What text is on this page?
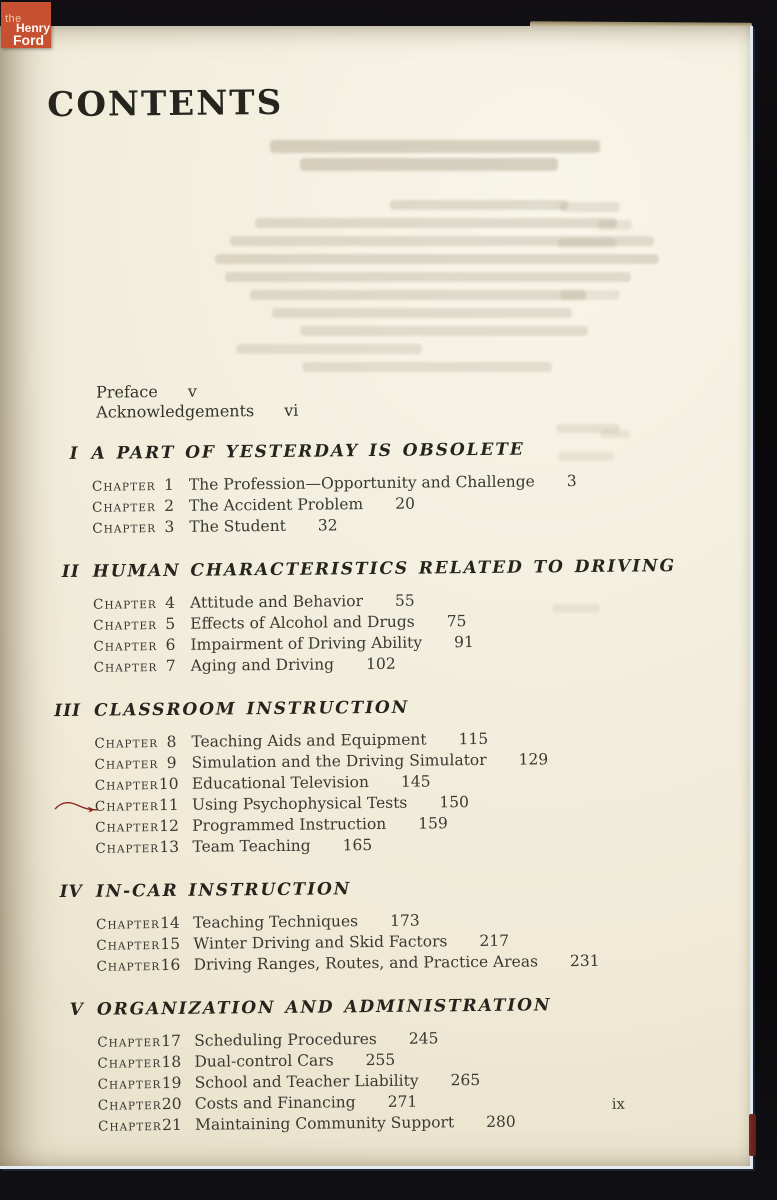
CONTENTS
Preface v
Acknowledgements vi
I A PART OF YESTERDAY IS OBSOLETE
CHAPTER 1 The Profession—Opportunity and Challenge 3
CHAPTER 2 The Accident Problem 20
CHAPTER 3 The Student 32
II HUMAN CHARACTERISTICS RELATED TO DRIVING
CHAPTER 4 Attitude and Behavior 55
CHAPTER 5 Effects of Alcohol and Drugs 75
CHAPTER 6 Impairment of Driving Ability 91
CHAPTER 7 Aging and Driving 102
III CLASSROOM INSTRUCTION
CHAPTER 8 Teaching Aids and Equipment 115
CHAPTER 9 Simulation and the Driving Simulator 129
CHAPTER 10 Educational Television 145
CHAPTER 11 Using Psychophysical Tests 150
CHAPTER 12 Programmed Instruction 159
CHAPTER 13 Team Teaching 165
IV IN-CAR INSTRUCTION
CHAPTER 14 Teaching Techniques 173
CHAPTER 15 Winter Driving and Skid Factors 217
CHAPTER 16 Driving Ranges, Routes, and Practice Areas 231
V ORGANIZATION AND ADMINISTRATION
CHAPTER 17 Scheduling Procedures 245
CHAPTER 18 Dual-control Cars 255
CHAPTER 19 School and Teacher Liability 265
CHAPTER 20 Costs and Financing 271
CHAPTER 21 Maintaining Community Support 280
ix
the
Henry
Ford
